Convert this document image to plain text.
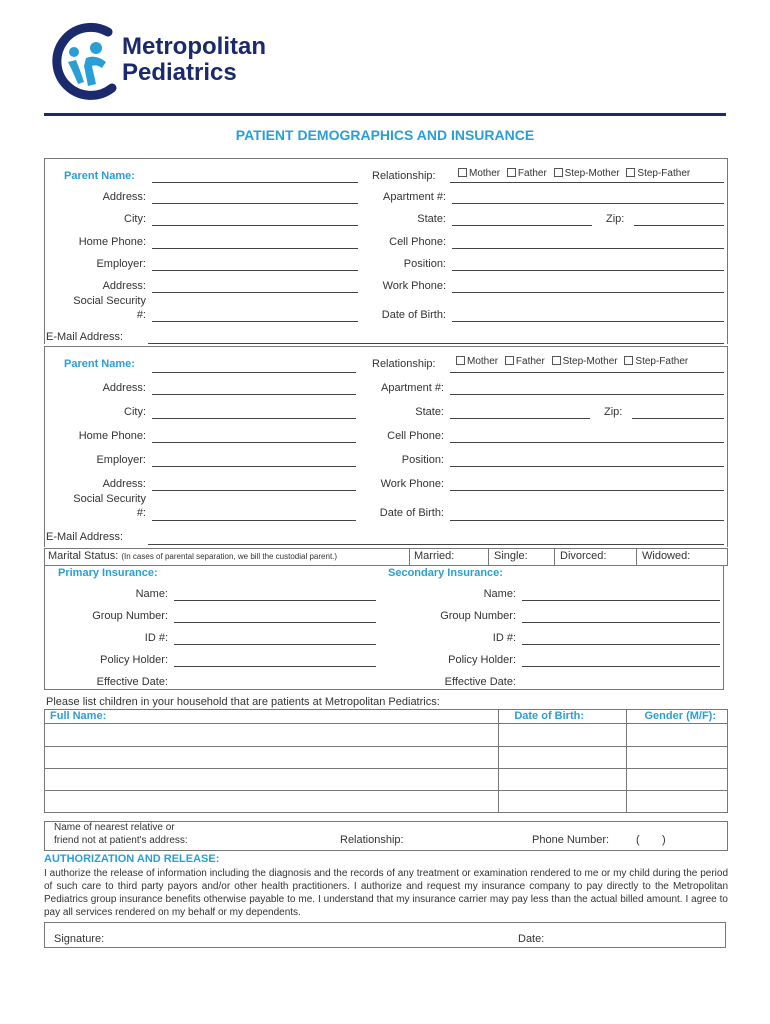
Metropolitan
Pediatrics
PATIENT DEMOGRAPHICS AND INSURANCE
Parent Name:	Relationship:	Mother Father Step-Mother Step-Father
Address:	Apartment #:
City:	State:	Zip:
Home Phone:	Cell Phone:
Employer:	Position:
Address:	Work Phone:
Social Security
#:	Date of Birth:
E-Mail Address:
Parent Name:	Relationship:	Mother Father Step-Mother Step-Father
Address:	Apartment #:
City:	State:	Zip:
Home Phone:	Cell Phone:
Employer:	Position:
Address:	Work Phone:
Social Security
#:	Date of Birth:
E-Mail Address:
Marital Status: (In cases of parental separation, we bill the custodial parent.)	Married:	Single:	Divorced:	Widowed:
Primary Insurance:	Secondary Insurance:
Name:	Name:
Group Number:	Group Number:
ID #:	ID #:
Policy Holder:	Policy Holder:
Effective Date:	Effective Date:
Please list children in your household that are patients at Metropolitan Pediatrics:
Full Name:	Date of Birth:	Gender (M/F):
Name of nearest relative or
friend not at patient's address:	Relationship:	Phone Number: ( )
AUTHORIZATION AND RELEASE:
I authorize the release of information including the diagnosis and the records of any treatment or examination rendered to me or my child during the period of such care to third party payors and/or other health practitioners. I authorize and request my insurance company to pay directly to the Metropolitan Pediatrics group insurance benefits otherwise payable to me. I understand that my insurance carrier may pay less than the actual billed amount. I agree to pay all services rendered on my behalf or my dependents.
Signature:	Date:
